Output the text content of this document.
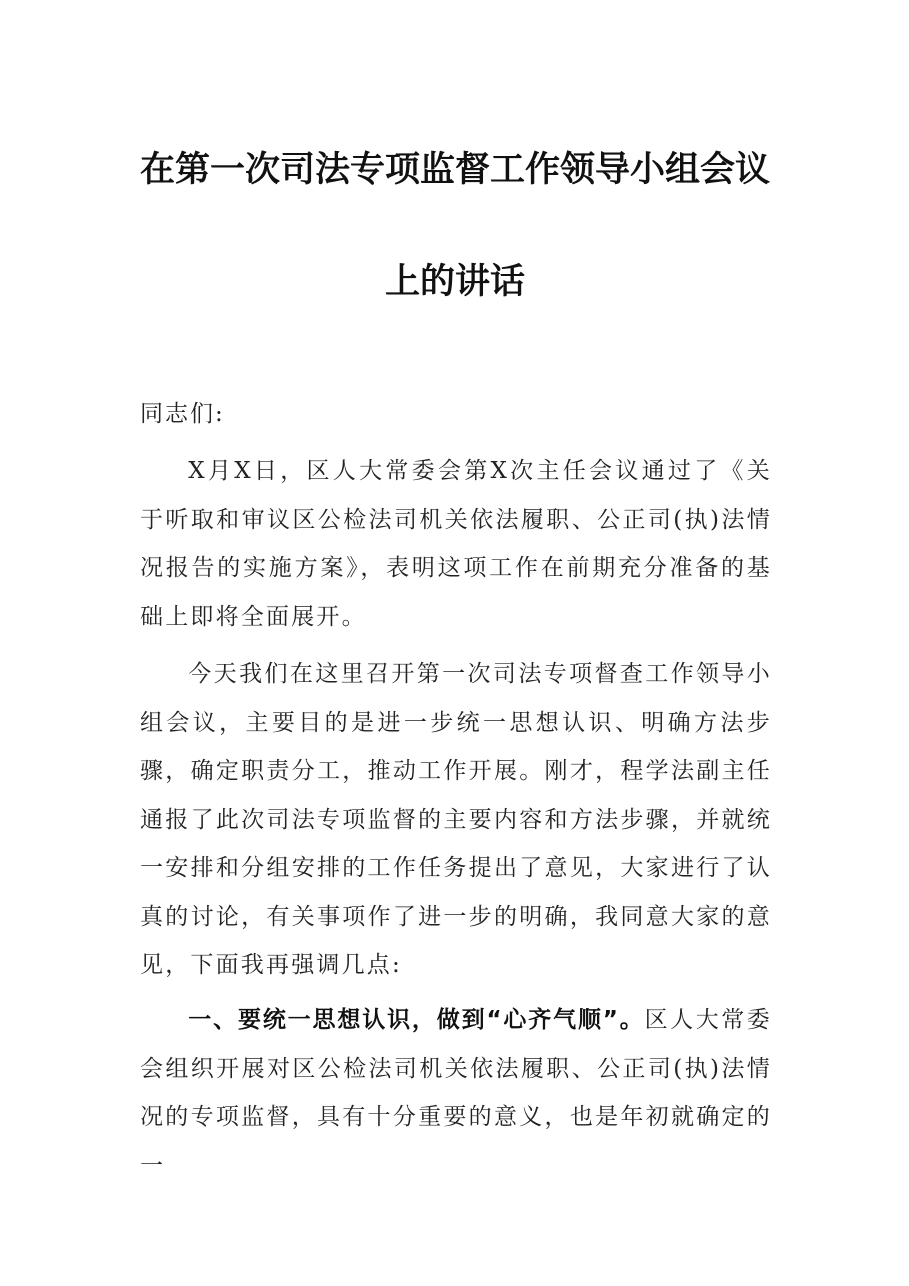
在第一次司法专项监督工作领导小组会议
上的讲话

同志们:

X月X日，区人大常委会第X次主任会议通过了《关于听取和审议区公检法司机关依法履职、公正司(执)法情况报告的实施方案》，表明这项工作在前期充分准备的基础上即将全面展开。

今天我们在这里召开第一次司法专项督查工作领导小组会议，主要目的是进一步统一思想认识、明确方法步骤，确定职责分工，推动工作开展。刚才，程学法副主任通报了此次司法专项监督的主要内容和方法步骤，并就统一安排和分组安排的工作任务提出了意见，大家进行了认真的讨论，有关事项作了进一步的明确，我同意大家的意见，下面我再强调几点:

一、要统一思想认识，做到“心齐气顺”。区人大常委会组织开展对区公检法司机关依法履职、公正司(执)法情况的专项监督，具有十分重要的意义，也是年初就确定的一
